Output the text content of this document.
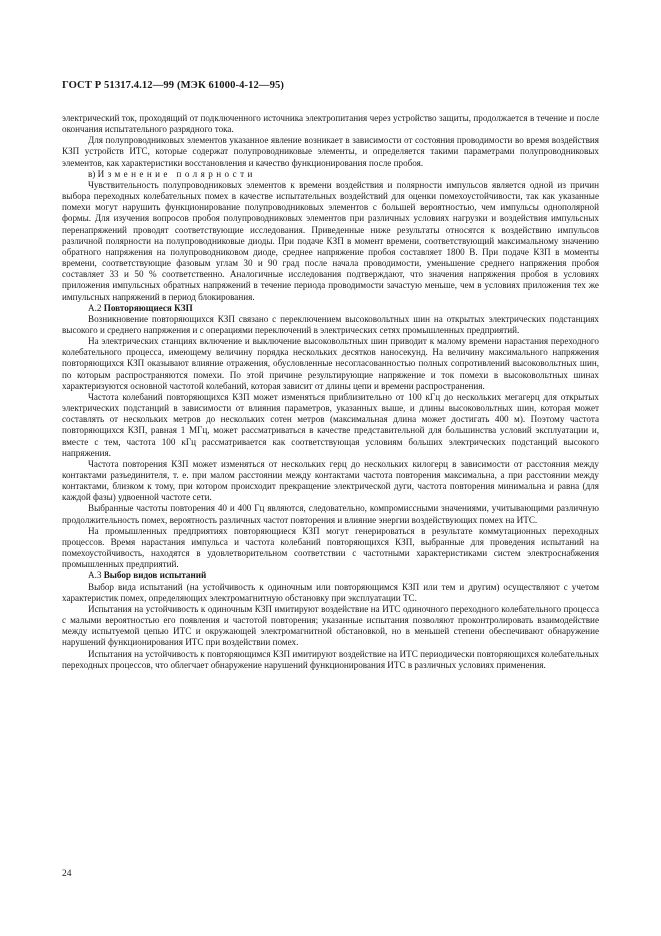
ГОСТ Р 51317.4.12—99 (МЭК 61000-4-12—95)

электрический ток, проходящий от подключенного источника электропитания через устройство защиты, продолжается в течение и после окончания испытательного разрядного тока.

Для полупроводниковых элементов указанное явление возникает в зависимости от состояния проводимости во время воздействия КЗП устройств ИТС, которые содержат полупроводниковые элементы, и определяется такими параметрами полупроводниковых элементов, как характеристики восстановления и качество функционирования после пробоя.

в) Изменение полярности

Чувствительность полупроводниковых элементов к времени воздействия и полярности импульсов является одной из причин выбора переходных колебательных помех в качестве испытательных воздействий для оценки помехоустойчивости, так как указанные помехи могут нарушить функционирование полупроводниковых элементов с большей вероятностью, чем импульсы однополярной формы. Для изучения вопросов пробоя полупроводниковых элементов при различных условиях нагрузки и воздействия импульсных перенапряжений проводят соответствующие исследования. Приведенные ниже результаты относятся к воздействию импульсов различной полярности на полупроводниковые диоды. При подаче КЗП в момент времени, соответствующий максимальному значению обратного напряжения на полупроводниковом диоде, среднее напряжение пробоя составляет 1800 В. При подаче КЗП в моменты времени, соответствующие фазовым углам 30 и 90 град после начала проводимости, уменьшение среднего напряжения пробоя составляет 33 и 50 % соответственно. Аналогичные исследования подтверждают, что значения напряжения пробоя в условиях приложения импульсных обратных напряжений в течение периода проводимости зачастую меньше, чем в условиях приложения тех же импульсных напряжений в период блокирования.

А.2 Повторяющиеся КЗП

Возникновение повторяющихся КЗП связано с переключением высоковольтных шин на открытых электрических подстанциях высокого и среднего напряжения и с операциями переключений в электрических сетях промышленных предприятий.

На электрических станциях включение и выключение высоковольтных шин приводит к малому времени нарастания переходного колебательного процесса, имеющему величину порядка нескольких десятков наносекунд. На величину максимального напряжения повторяющихся КЗП оказывают влияние отражения, обусловленные несогласованностью полных сопротивлений высоковольтных шин, по которым распространяются помехи. По этой причине результирующие напряжение и ток помехи в высоковольтных шинах характеризуются основной частотой колебаний, которая зависит от длины цепи и времени распространения.

Частота колебаний повторяющихся КЗП может изменяться приблизительно от 100 кГц до нескольких мегагерц для открытых электрических подстанций в зависимости от влияния параметров, указанных выше, и длины высоковольтных шин, которая может составлять от нескольких метров до нескольких сотен метров (максимальная длина может достигать 400 м). Поэтому частота повторяющихся КЗП, равная 1 МГц, может рассматриваться в качестве представительной для большинства условий эксплуатации и, вместе с тем, частота 100 кГц рассматривается как соответствующая условиям больших электрических подстанций высокого напряжения.

Частота повторения КЗП может изменяться от нескольких герц до нескольких килогерц в зависимости от расстояния между контактами разъединителя, т. е. при малом расстоянии между контактами частота повторения максимальна, а при расстоянии между контактами, близком к тому, при котором происходит прекращение электрической дуги, частота повторения минимальна и равна (для каждой фазы) удвоенной частоте сети.

Выбранные частоты повторения 40 и 400 Гц являются, следовательно, компромиссными значениями, учитывающими различную продолжительность помех, вероятность различных частот повторения и влияние энергии воздействующих помех на ИТС.

На промышленных предприятиях повторяющиеся КЗП могут генерироваться в результате коммутационных переходных процессов. Время нарастания импульса и частота колебаний повторяющихся КЗП, выбранные для проведения испытаний на помехоустойчивость, находятся в удовлетворительном соответствии с частотными характеристиками систем электроснабжения промышленных предприятий.

А.3 Выбор видов испытаний

Выбор вида испытаний (на устойчивость к одиночным или повторяющимся КЗП или тем и другим) осуществляют с учетом характеристик помех, определяющих электромагнитную обстановку при эксплуатации ТС.

Испытания на устойчивость к одиночным КЗП имитируют воздействие на ИТС одиночного переходного колебательного процесса с малыми вероятностью его появления и частотой повторения; указанные испытания позволяют проконтролировать взаимодействие между испытуемой цепью ИТС и окружающей электромагнитной обстановкой, но в меньшей степени обеспечивают обнаружение нарушений функционирования ИТС при воздействии помех.

Испытания на устойчивость к повторяющимся КЗП имитируют воздействие на ИТС периодически повторяющихся колебательных переходных процессов, что облегчает обнаружение нарушений функционирования ИТС в различных условиях применения.

24
